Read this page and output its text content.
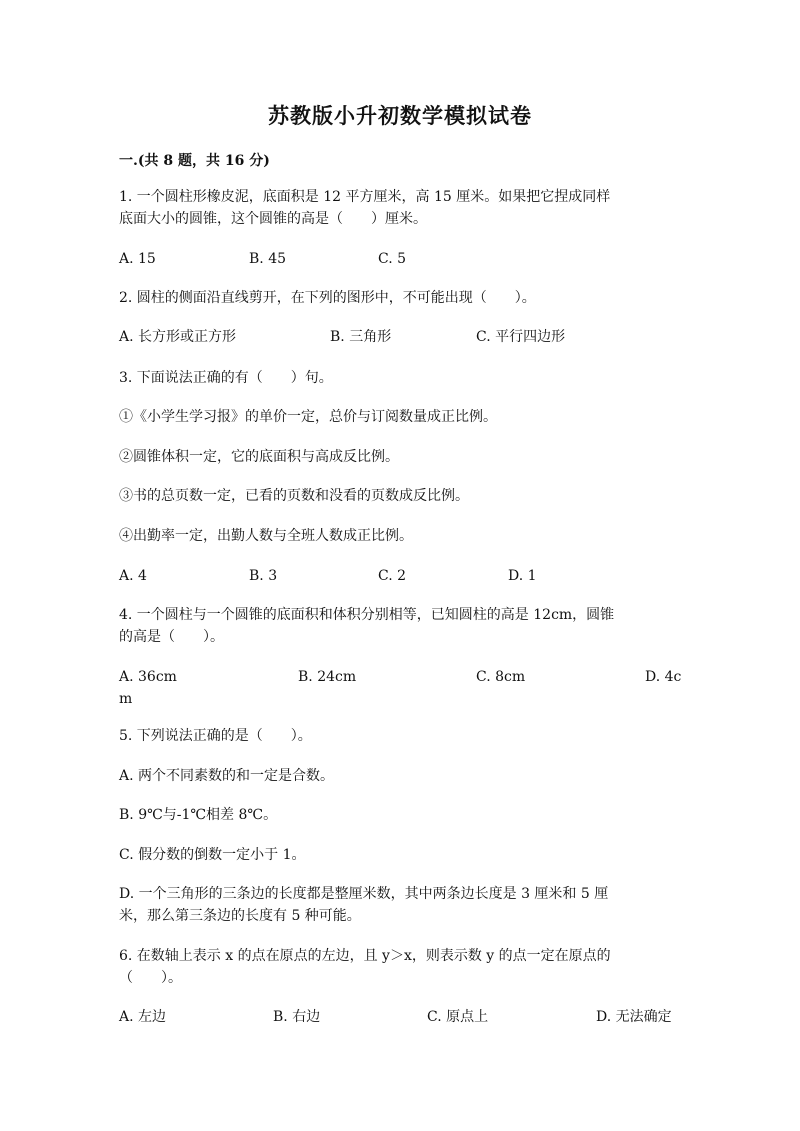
苏教版小升初数学模拟试卷
一.(共 8 题，共 16 分)
1. 一个圆柱形橡皮泥，底面积是 12 平方厘米，高 15 厘米。如果把它捏成同样
底面大小的圆锥，这个圆锥的高是（　　）厘米。
A. 15	B. 45	C. 5
2. 圆柱的侧面沿直线剪开，在下列的图形中，不可能出现（　　）。
A. 长方形或正方形	B. 三角形	C. 平行四边形
3. 下面说法正确的有（　　）句。
①《小学生学习报》的单价一定，总价与订阅数量成正比例。
②圆锥体积一定，它的底面积与高成反比例。
③书的总页数一定，已看的页数和没看的页数成反比例。
④出勤率一定，出勤人数与全班人数成正比例。
A. 4	B. 3	C. 2	D. 1
4. 一个圆柱与一个圆锥的底面积和体积分别相等，已知圆柱的高是 12cm，圆锥
的高是（　　）。
A. 36cm	B. 24cm	C. 8cm	D. 4c
m
5. 下列说法正确的是（　　）。
A. 两个不同素数的和一定是合数。
B. 9℃与-1℃相差 8℃。
C. 假分数的倒数一定小于 1。
D. 一个三角形的三条边的长度都是整厘米数，其中两条边长度是 3 厘米和 5 厘
米，那么第三条边的长度有 5 种可能。
6. 在数轴上表示 x 的点在原点的左边，且 y＞x，则表示数 y 的点一定在原点的
（　　）。
A. 左边	B. 右边	C. 原点上	D. 无法确定
